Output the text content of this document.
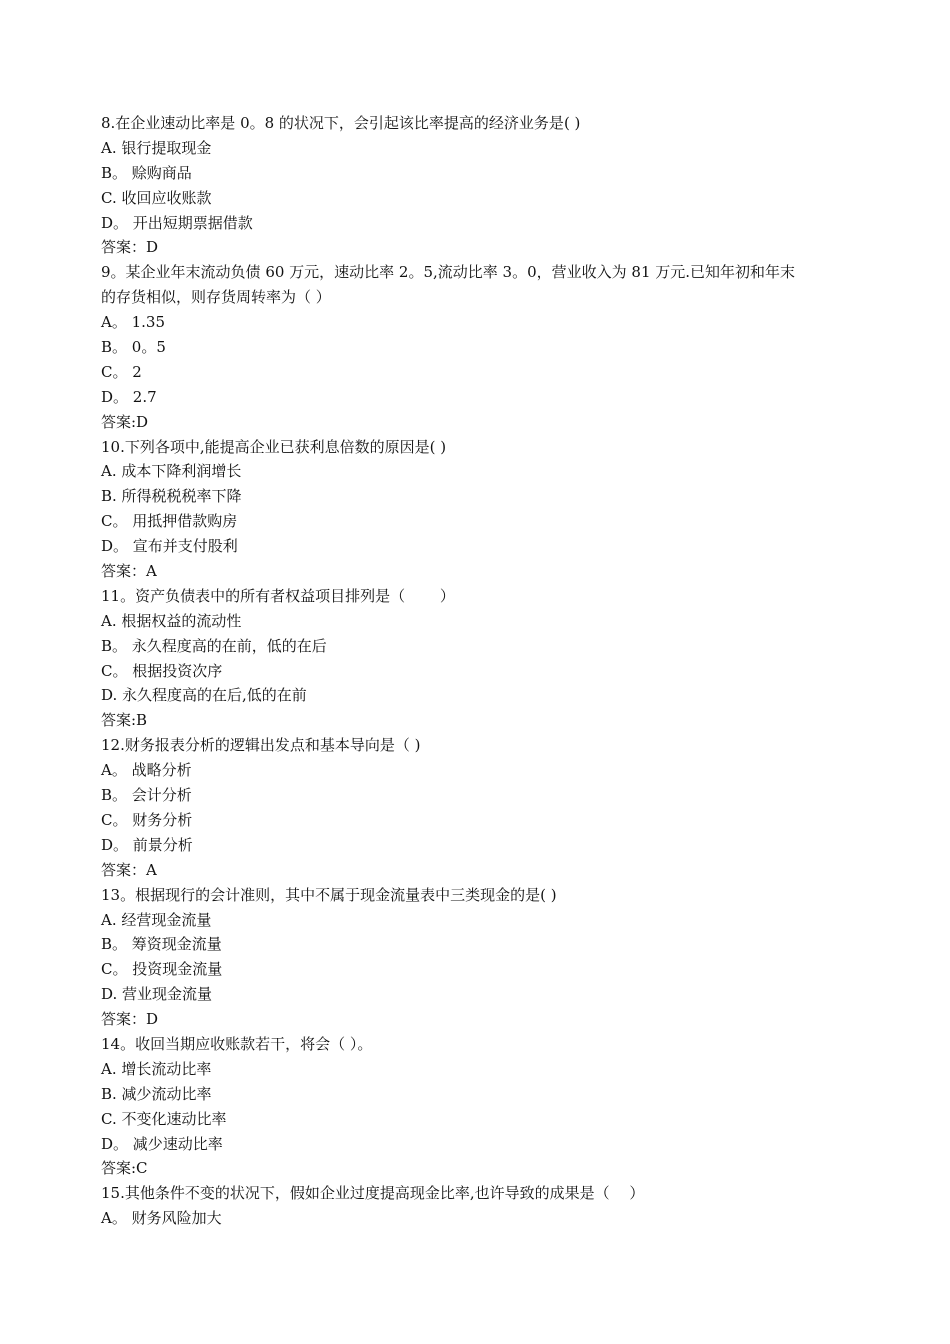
8.在企业速动比率是 0。8 的状况下，会引起该比率提高的经济业务是( )
A. 银行提取现金
B。 赊购商品
C. 收回应收账款
D。 开出短期票据借款
答案：D
9。某企业年末流动负债 60 万元，速动比率 2。5,流动比率 3。0，营业收入为 81 万元.已知年初和年末
的存货相似，则存货周转率为（ ）
A。 1.35
B。 0。5
C。 2
D。 2.7
答案:D
10.下列各项中,能提高企业已获利息倍数的原因是( )
A. 成本下降利润增长
B. 所得税税税率下降
C。 用抵押借款购房
D。 宣布并支付股利
答案：A
11。资产负债表中的所有者权益项目排列是（　　 ）
A. 根据权益的流动性
B。 永久程度高的在前，低的在后
C。 根据投资次序
D. 永久程度高的在后,低的在前
答案:B
12.财务报表分析的逻辑出发点和基本导向是（ )
A。 战略分析
B。 会计分析
C。 财务分析
D。 前景分析
答案：A
13。根据现行的会计准则，其中不属于现金流量表中三类现金的是( )
A. 经营现金流量
B。 筹资现金流量
C。 投资现金流量
D. 营业现金流量
答案：D
14。收回当期应收账款若干，将会（ ）。
A. 增长流动比率
B. 减少流动比率
C. 不变化速动比率
D。 减少速动比率
答案:C
15.其他条件不变的状况下，假如企业过度提高现金比率,也许导致的成果是（　 ）
A。 财务风险加大
